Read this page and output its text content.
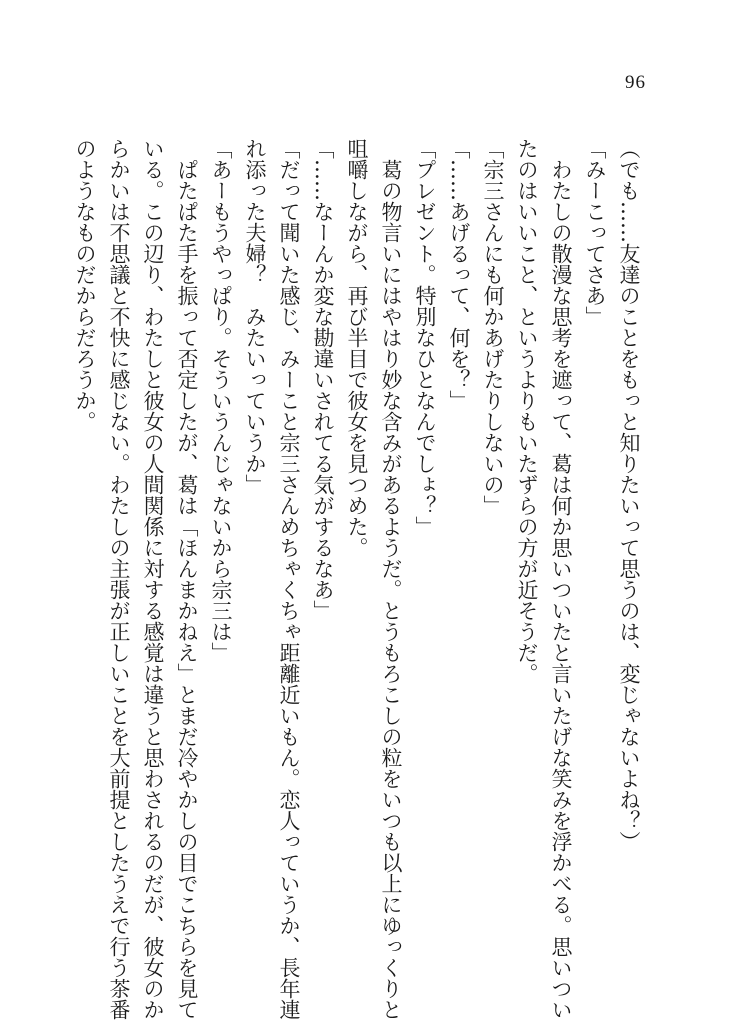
96
（でも……友達のことをもっと知りたいって思うのは、変じゃないよね？）
「みーこってさあ」
　わたしの散漫な思考を遮って、葛は何か思いついたと言いたげな笑みを浮かべる。思いつい
たのはいいこと、というよりもいたずらの方が近そうだ。
「宗三さんにも何かあげたりしないの」
「……あげるって、何を？」
「プレゼント。特別なひとなんでしょ？」
　葛の物言いにはやはり妙な含みがあるようだ。とうもろこしの粒をいつも以上にゆっくりと
咀嚼しながら、再び半目で彼女を見つめた。
「……なーんか変な勘違いされてる気がするなあ」
「だって聞いた感じ、みーこと宗三さんめちゃくちゃ距離近いもん。恋人っていうか、長年連
れ添った夫婦？　みたいっていうか」
「あーもうやっぱり。そういうんじゃないから宗三は」
　ぱたぱた手を振って否定したが、葛は「ほんまかねえ」とまだ冷やかしの目でこちらを見て
いる。この辺り、わたしと彼女の人間関係に対する感覚は違うと思わされるのだが、彼女のか
らかいは不思議と不快に感じない。わたしの主張が正しいことを大前提としたうえで行う茶番
のようなものだからだろうか。
